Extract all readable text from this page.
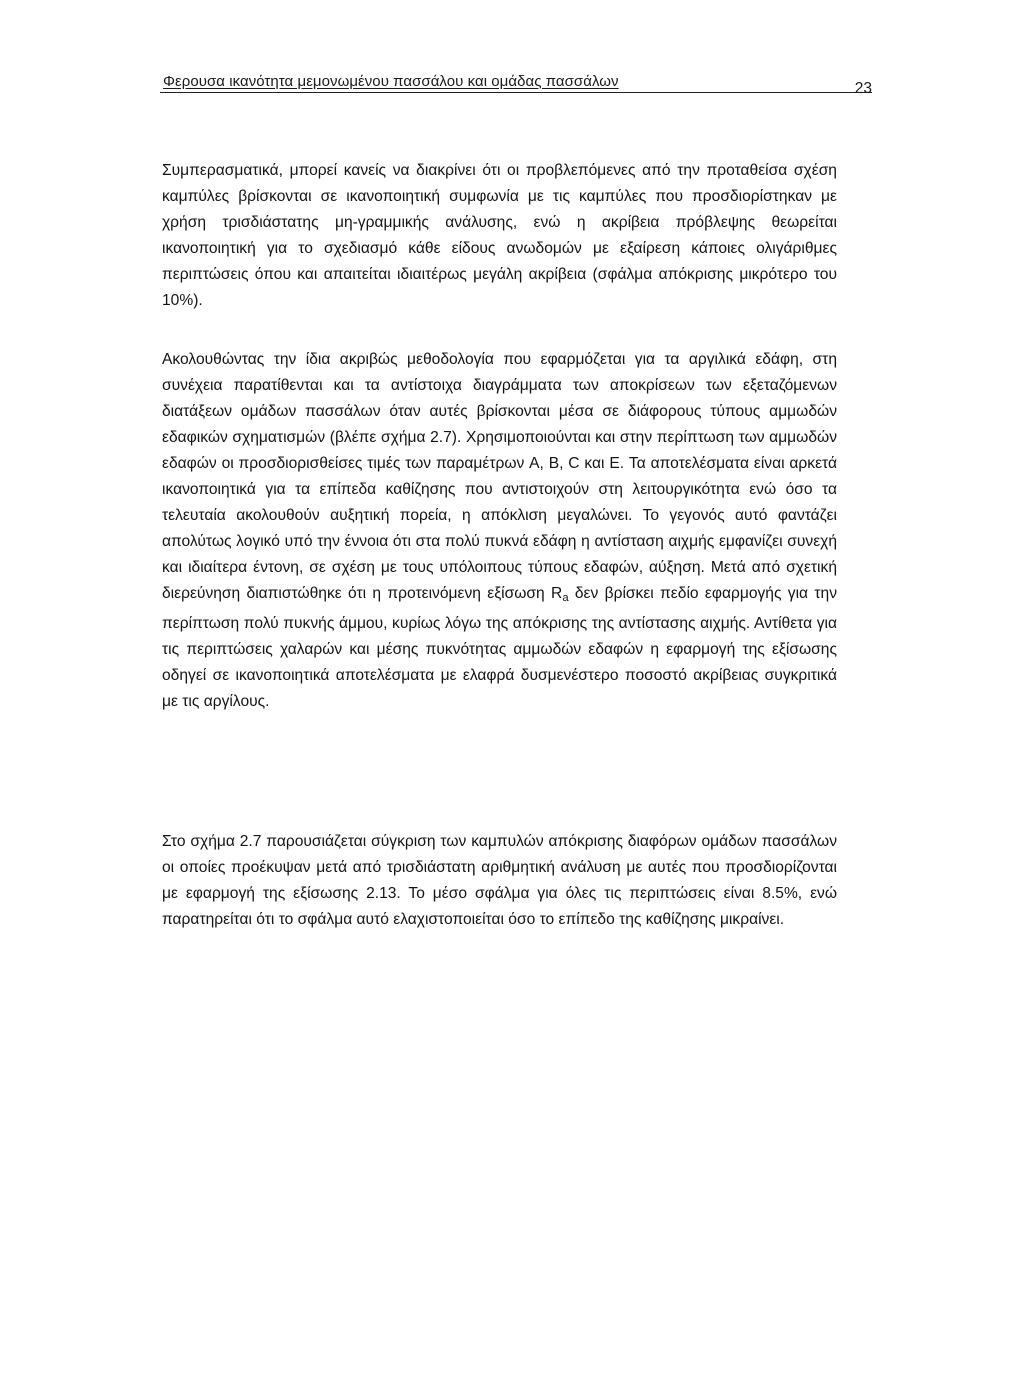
Φερουσα ικανότητα μεμονωμένου πασσάλου και ομάδας πασσάλων	23

Συμπερασματικά, μπορεί κανείς να διακρίνει ότι οι προβλεπόμενες από την προταθείσα σχέση καμπύλες βρίσκονται σε ικανοποιητική συμφωνία με τις καμπύλες που προσδιορίστηκαν με χρήση τρισδιάστατης μη-γραμμικής ανάλυσης, ενώ η ακρίβεια πρόβλεψης θεωρείται ικανοποιητική για το σχεδιασμό κάθε είδους ανωδομών με εξαίρεση κάποιες ολιγάριθμες περιπτώσεις όπου και απαιτείται ιδιαιτέρως μεγάλη ακρίβεια (σφάλμα απόκρισης μικρότερο του 10%).

Ακολουθώντας την ίδια ακριβώς μεθοδολογία που εφαρμόζεται για τα αργιλικά εδάφη, στη συνέχεια παρατίθενται και τα αντίστοιχα διαγράμματα των αποκρίσεων των εξεταζόμενων διατάξεων ομάδων πασσάλων όταν αυτές βρίσκονται μέσα σε διάφορους τύπους αμμωδών εδαφικών σχηματισμών (βλέπε σχήμα 2.7). Χρησιμοποιούνται και στην περίπτωση των αμμωδών εδαφών οι προσδιορισθείσες τιμές των παραμέτρων A, B, C και E. Τα αποτελέσματα είναι αρκετά ικανοποιητικά για τα επίπεδα καθίζησης που αντιστοιχούν στη λειτουργικότητα ενώ όσο τα τελευταία ακολουθούν αυξητική πορεία, η απόκλιση μεγαλώνει. Το γεγονός αυτό φαντάζει απολύτως λογικό υπό την έννοια ότι στα πολύ πυκνά εδάφη η αντίσταση αιχμής εμφανίζει συνεχή και ιδιαίτερα έντονη, σε σχέση με τους υπόλοιπους τύπους εδαφών, αύξηση. Μετά από σχετική διερεύνηση διαπιστώθηκε ότι η προτεινόμενη εξίσωση $R_a$ δεν βρίσκει πεδίο εφαρμογής για την περίπτωση πολύ πυκνής άμμου, κυρίως λόγω της απόκρισης της αντίστασης αιχμής. Αντίθετα για τις περιπτώσεις χαλαρών και μέσης πυκνότητας αμμωδών εδαφών η εφαρμογή της εξίσωσης οδηγεί σε ικανοποιητικά αποτελέσματα με ελαφρά δυσμενέστερο ποσοστό ακρίβειας συγκριτικά με τις αργίλους.

Στο σχήμα 2.7 παρουσιάζεται σύγκριση των καμπυλών απόκρισης διαφόρων ομάδων πασσάλων οι οποίες προέκυψαν μετά από τρισδιάστατη αριθμητική ανάλυση με αυτές που προσδιορίζονται με εφαρμογή της εξίσωσης 2.13. Το μέσο σφάλμα για όλες τις περιπτώσεις είναι 8.5%, ενώ παρατηρείται ότι το σφάλμα αυτό ελαχιστοποιείται όσο το επίπεδο της καθίζησης μικραίνει.
